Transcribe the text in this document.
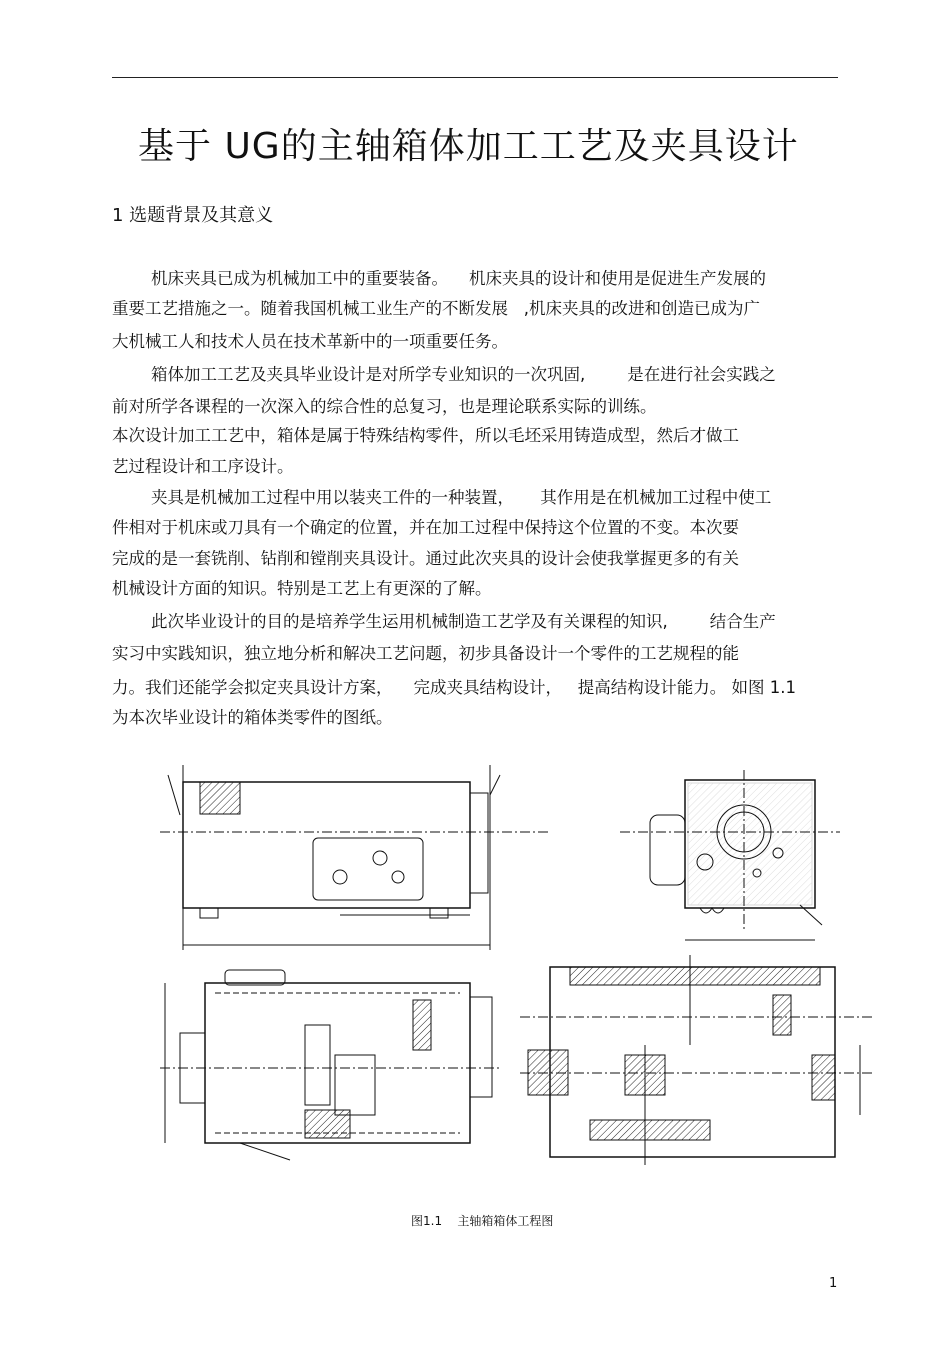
基于 UG的主轴箱体加工工艺及夹具设计
1 选题背景及其意义
机床夹具已成为机械加工中的重要装备。    机床夹具的设计和使用是促进生产发展的
重要工艺措施之一。随着我国机械工业生产的不断发展   ,机床夹具的改进和创造已成为广
大机械工人和技术人员在技术革新中的一项重要任务。
箱体加工工艺及夹具毕业设计是对所学专业知识的一次巩固,        是在进行社会实践之
前对所学各课程的一次深入的综合性的总复习，也是理论联系实际的训练。
本次设计加工工艺中，箱体是属于特殊结构零件，所以毛坯采用铸造成型，然后才做工
艺过程设计和工序设计。
夹具是机械加工过程中用以装夹工件的一种装置，     其作用是在机械加工过程中使工
件相对于机床或刀具有一个确定的位置，并在加工过程中保持这个位置的不变。本次要
完成的是一套铣削、钻削和镗削夹具设计。通过此次夹具的设计会使我掌握更多的有关
机械设计方面的知识。特别是工艺上有更深的了解。
此次毕业设计的目的是培养学生运用机械制造工艺学及有关课程的知识,        结合生产
实习中实践知识，独立地分析和解决工艺问题，初步具备设计一个零件的工艺规程的能
力。我们还能学会拟定夹具设计方案，    完成夹具结构设计，   提高结构设计能力。 如图 1.1
为本次毕业设计的箱体类零件的图纸。
图1.1    主轴箱箱体工程图
1
